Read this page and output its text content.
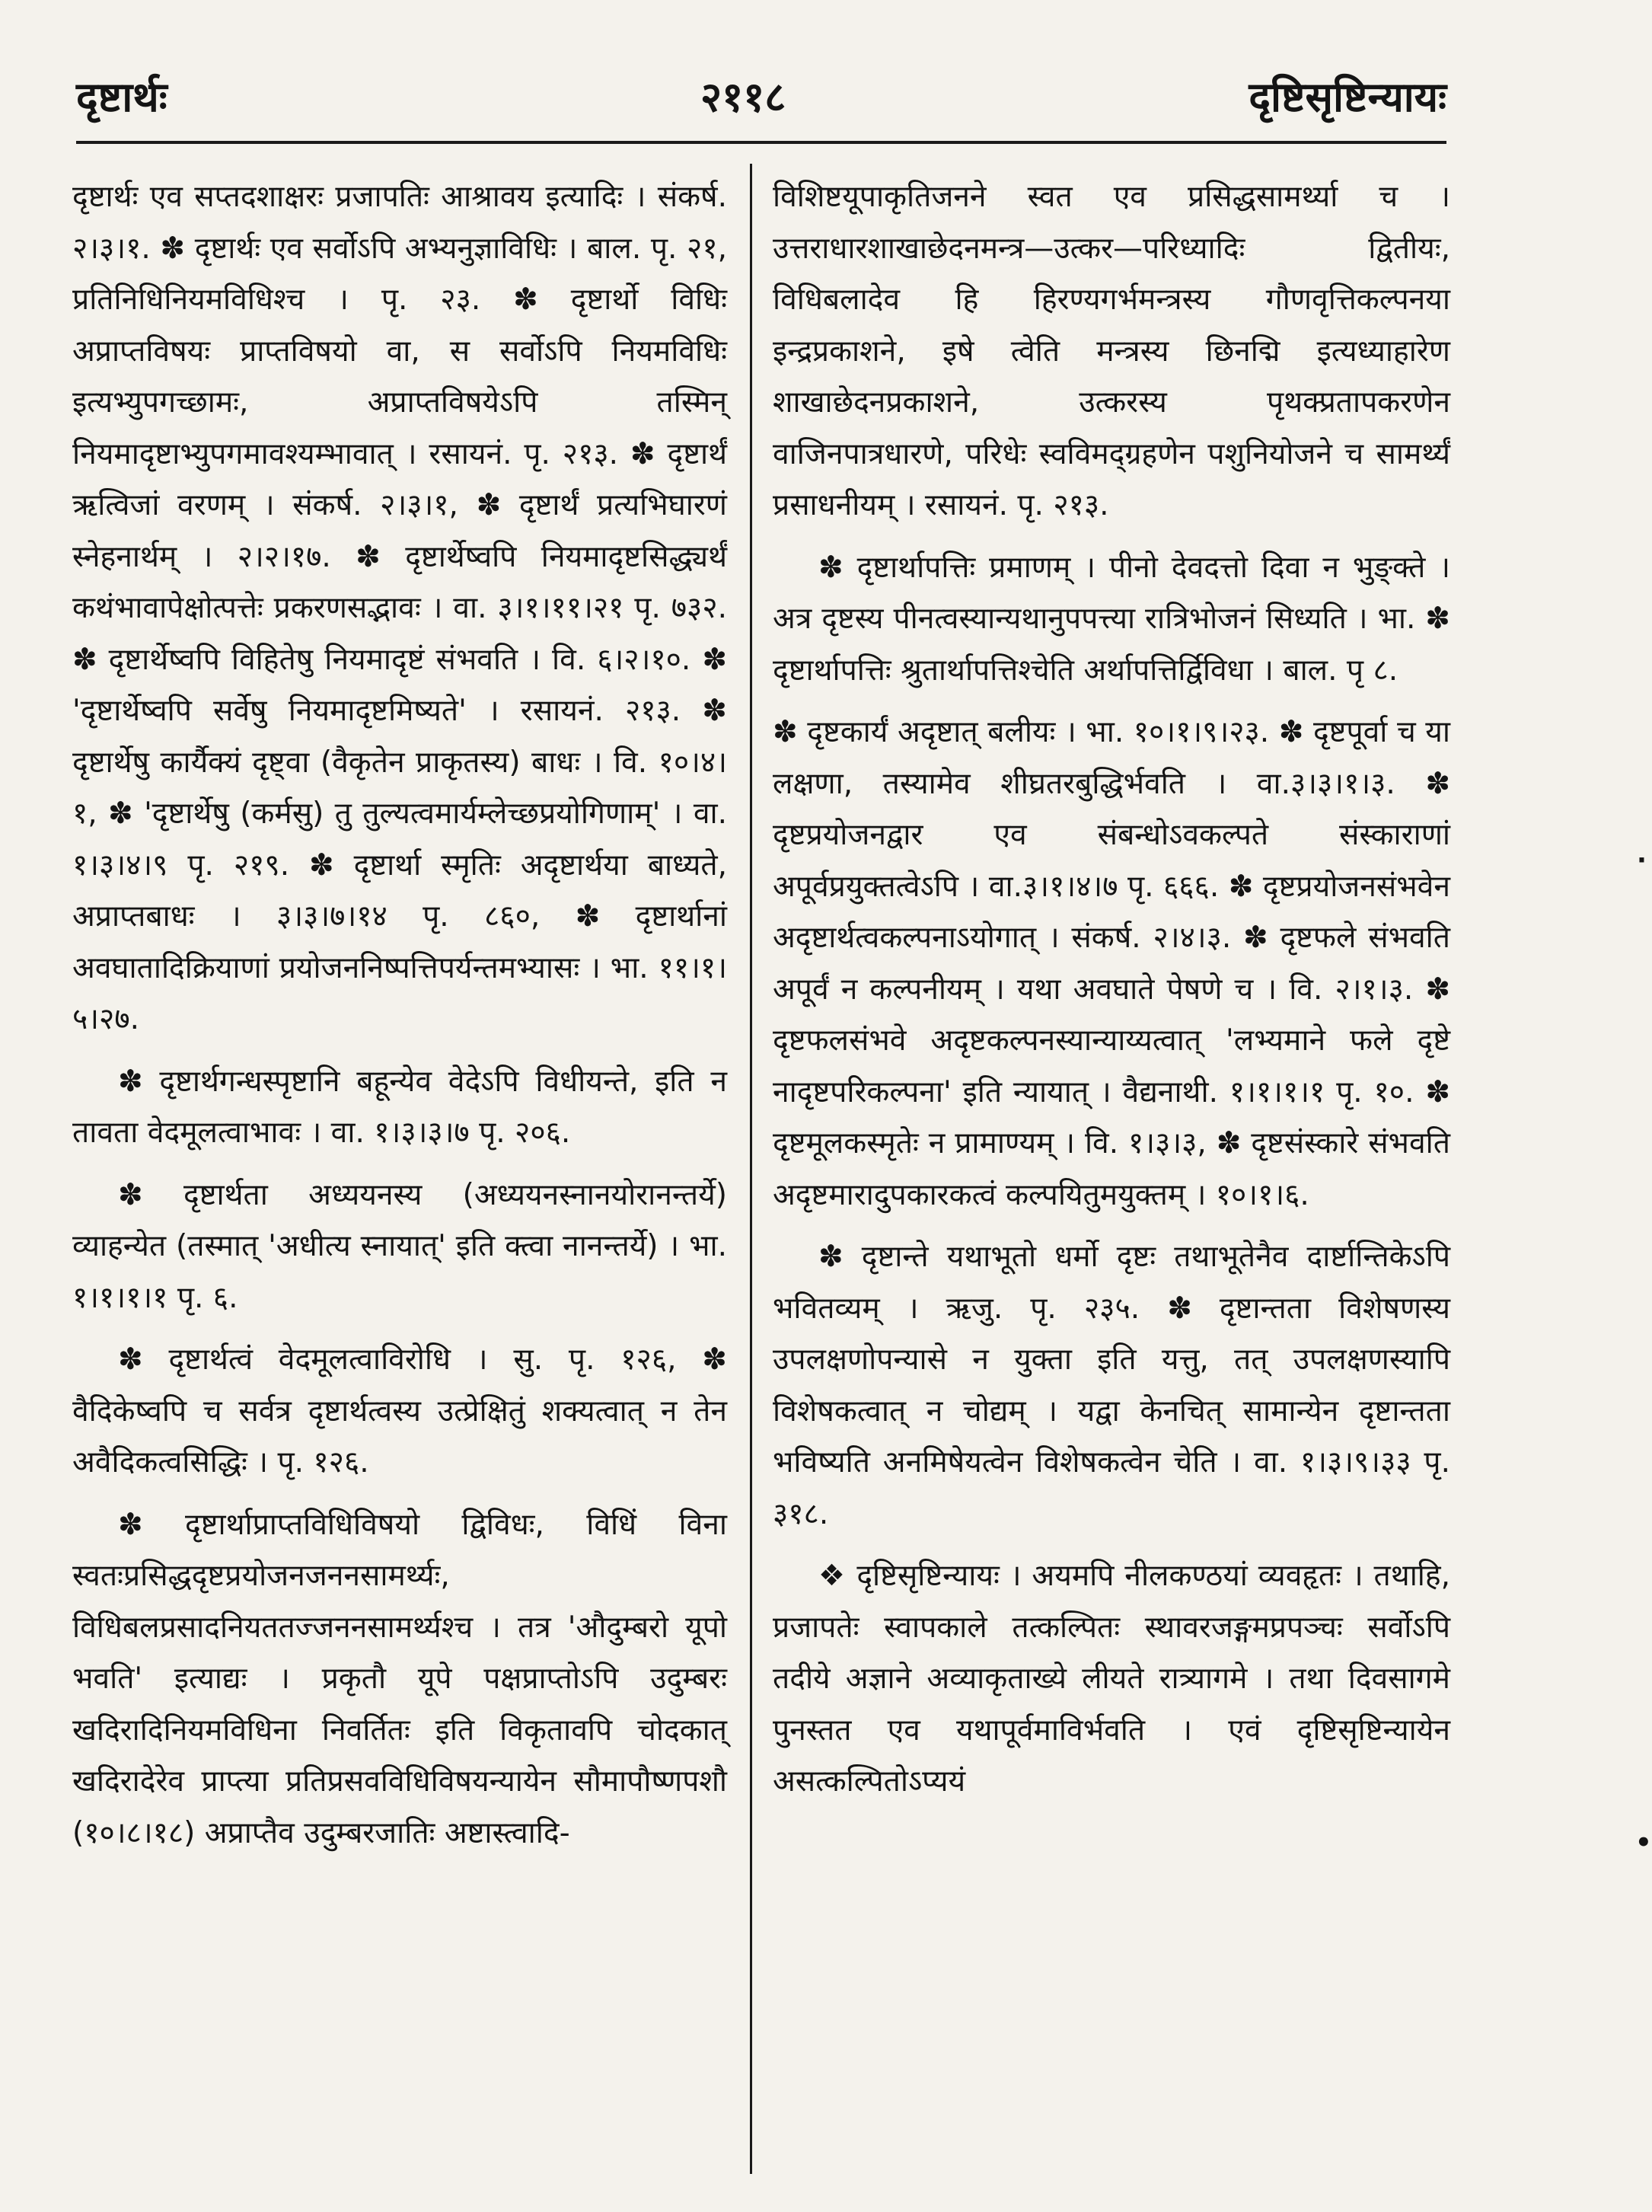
दृष्टार्थः	२११८	दृष्टिसृष्टिन्यायः

दृष्टार्थः एव सप्तदशाक्षरः प्रजापतिः आश्रावय इत्यादिः । संकर्ष. २।३।१. ✽ दृष्टार्थः एव सर्वोऽपि अभ्यनुज्ञाविधिः । बाल. पृ. २१, प्रतिनिधिनियमविधिश्च । पृ. २३. ✽ दृष्टार्थो विधिः अप्राप्तविषयः प्राप्तविषयो वा, स सर्वोऽपि नियमविधिः इत्यभ्युपगच्छामः, अप्राप्तविषयेऽपि तस्मिन् नियमादृष्टाभ्युपगमावश्यम्भावात् । रसायनं. पृ. २१३. ✽ दृष्टार्थं ऋत्विजां वरणम् । संकर्ष. २।३।१, ✽ दृष्टार्थं प्रत्यभिघारणं स्नेहनार्थम् । २।२।१७. ✽ दृष्टार्थेष्वपि नियमादृष्टसिद्ध्यर्थं कथंभावापेक्षोत्पत्तेः प्रकरणसद्भावः । वा. ३।१।११।२१ पृ. ७३२. ✽ दृष्टार्थेष्वपि विहितेषु नियमादृष्टं संभवति । वि. ६।२।१०. ✽ 'दृष्टार्थेष्वपि सर्वेषु नियमादृष्टमिष्यते' । रसायनं. २१३. ✽ दृष्टार्थेषु कार्यैक्यं दृष्ट्वा (वैकृतेन प्राकृतस्य) बाधः । वि. १०।४।१, ✽ 'दृष्टार्थेषु (कर्मसु) तु तुल्यत्वमार्यम्लेच्छप्रयोगिणाम्' । वा. १।३।४।९ पृ. २१९. ✽ दृष्टार्था स्मृतिः अदृष्टार्थया बाध्यते, अप्राप्तबाधः । ३।३।७।१४ पृ. ८६०, ✽ दृष्टार्थानां अवघातादिक्रियाणां प्रयोजननिष्पत्तिपर्यन्तमभ्यासः । भा. ११।१।५।२७.

✽ दृष्टार्थगन्धस्पृष्टानि बहून्येव वेदेऽपि विधीयन्ते, इति न तावता वेदमूलत्वाभावः । वा. १।३।३।७ पृ. २०६.

✽ दृष्टार्थता अध्ययनस्य (अध्ययनस्नानयोरानन्तर्ये) व्याहन्येत (तस्मात् 'अधीत्य स्नायात्' इति क्त्वा नानन्तर्ये) । भा. १।१।१।१ पृ. ६.

✽ दृष्टार्थत्वं वेदमूलत्वाविरोधि । सु. पृ. १२६, ✽ वैदिकेष्वपि च सर्वत्र दृष्टार्थत्वस्य उत्प्रेक्षितुं शक्यत्वात् न तेन अवैदिकत्वसिद्धिः । पृ. १२६.

✽ दृष्टार्थाप्राप्तविधिविषयो द्विविधः, विधिं विना स्वतःप्रसिद्धदृष्टप्रयोजनजननसामर्थ्यः, विधिबलप्रसादनियततज्जननसामर्थ्यश्च । तत्र 'औदुम्बरो यूपो भवति' इत्याद्यः । प्रकृतौ यूपे पक्षप्राप्तोऽपि उदुम्बरः खदिरादिनियमविधिना निवर्तितः इति विकृतावपि चोदकात् खदिरादेरेव प्राप्त्या प्रतिप्रसवविधिविषयन्यायेन सौमापौष्णपशौ (१०।८।१८) अप्राप्तैव उदुम्बरजातिः अष्टास्त्वादि-

विशिष्टयूपाकृतिजनने स्वत एव प्रसिद्धसामर्थ्या च । उत्तराधारशाखाछेदनमन्त्र—उत्कर—परिध्यादिः द्वितीयः, विधिबलादेव हि हिरण्यगर्भमन्त्रस्य गौणवृत्तिकल्पनया इन्द्रप्रकाशने, इषे त्वेति मन्त्रस्य छिनद्मि इत्यध्याहारेण शाखाछेदनप्रकाशने, उत्करस्य पृथक्प्रतापकरणेन वाजिनपात्रधारणे, परिधेः स्वविमद्ग्रहणेन पशुनियोजने च सामर्थ्यं प्रसाधनीयम् । रसायनं. पृ. २१३.

✽ दृष्टार्थापत्तिः प्रमाणम् । पीनो देवदत्तो दिवा न भुङ्क्ते । अत्र दृष्टस्य पीनत्वस्यान्यथानुपपत्त्या रात्रिभोजनं सिध्यति । भा. ✽ दृष्टार्थापत्तिः श्रुतार्थापत्तिश्चेति अर्थापत्तिर्द्विविधा । बाल. पृ ८.

✽ दृष्टकार्यं अदृष्टात् बलीयः । भा. १०।१।९।२३. ✽ दृष्टपूर्वा च या लक्षणा, तस्यामेव शीघ्रतरबुद्धिर्भवति । वा.३।३।१।३. ✽ दृष्टप्रयोजनद्वार एव संबन्धोऽवकल्पते संस्काराणां अपूर्वप्रयुक्तत्वेऽपि । वा.३।१।४।७ पृ. ६६६. ✽ दृष्टप्रयोजनसंभवेन अदृष्टार्थत्वकल्पनाऽयोगात् । संकर्ष. २।४।३. ✽ दृष्टफले संभवति अपूर्वं न कल्पनीयम् । यथा अवघाते पेषणे च । वि. २।१।३. ✽ दृष्टफलसंभवे अदृष्टकल्पनस्यान्याय्यत्वात् 'लभ्यमाने फले दृष्टे नादृष्टपरिकल्पना' इति न्यायात् । वैद्यनाथी. १।१।१।१ पृ. १०. ✽ दृष्टमूलकस्मृतेः न प्रामाण्यम् । वि. १।३।३, ✽ दृष्टसंस्कारे संभवति अदृष्टमारादुपकारकत्वं कल्पयितुमयुक्तम् । १०।१।६.

✽ दृष्टान्ते यथाभूतो धर्मो दृष्टः तथाभूतेनैव दार्ष्टान्तिकेऽपि भवितव्यम् । ऋजु. पृ. २३५. ✽ दृष्टान्तता विशेषणस्य उपलक्षणोपन्यासे न युक्ता इति यत्तु, तत् उपलक्षणस्यापि विशेषकत्वात् न चोद्यम् । यद्वा केनचित् सामान्येन दृष्टान्तता भविष्यति अनमिषेयत्वेन विशेषकत्वेन चेति । वा. १।३।९।३३ पृ. ३१८.

❖ दृष्टिसृष्टिन्यायः । अयमपि नीलकण्ठयां व्यवहृतः । तथाहि, प्रजापतेः स्वापकाले तत्कल्पितः स्थावरजङ्गमप्रपञ्चः सर्वोऽपि तदीये अज्ञाने अव्याकृताख्ये लीयते रात्र्यागमे । तथा दिवसागमे पुनस्तत एव यथापूर्वमाविर्भवति । एवं दृष्टिसृष्टिन्यायेन असत्कल्पितोऽप्ययं

·
•
